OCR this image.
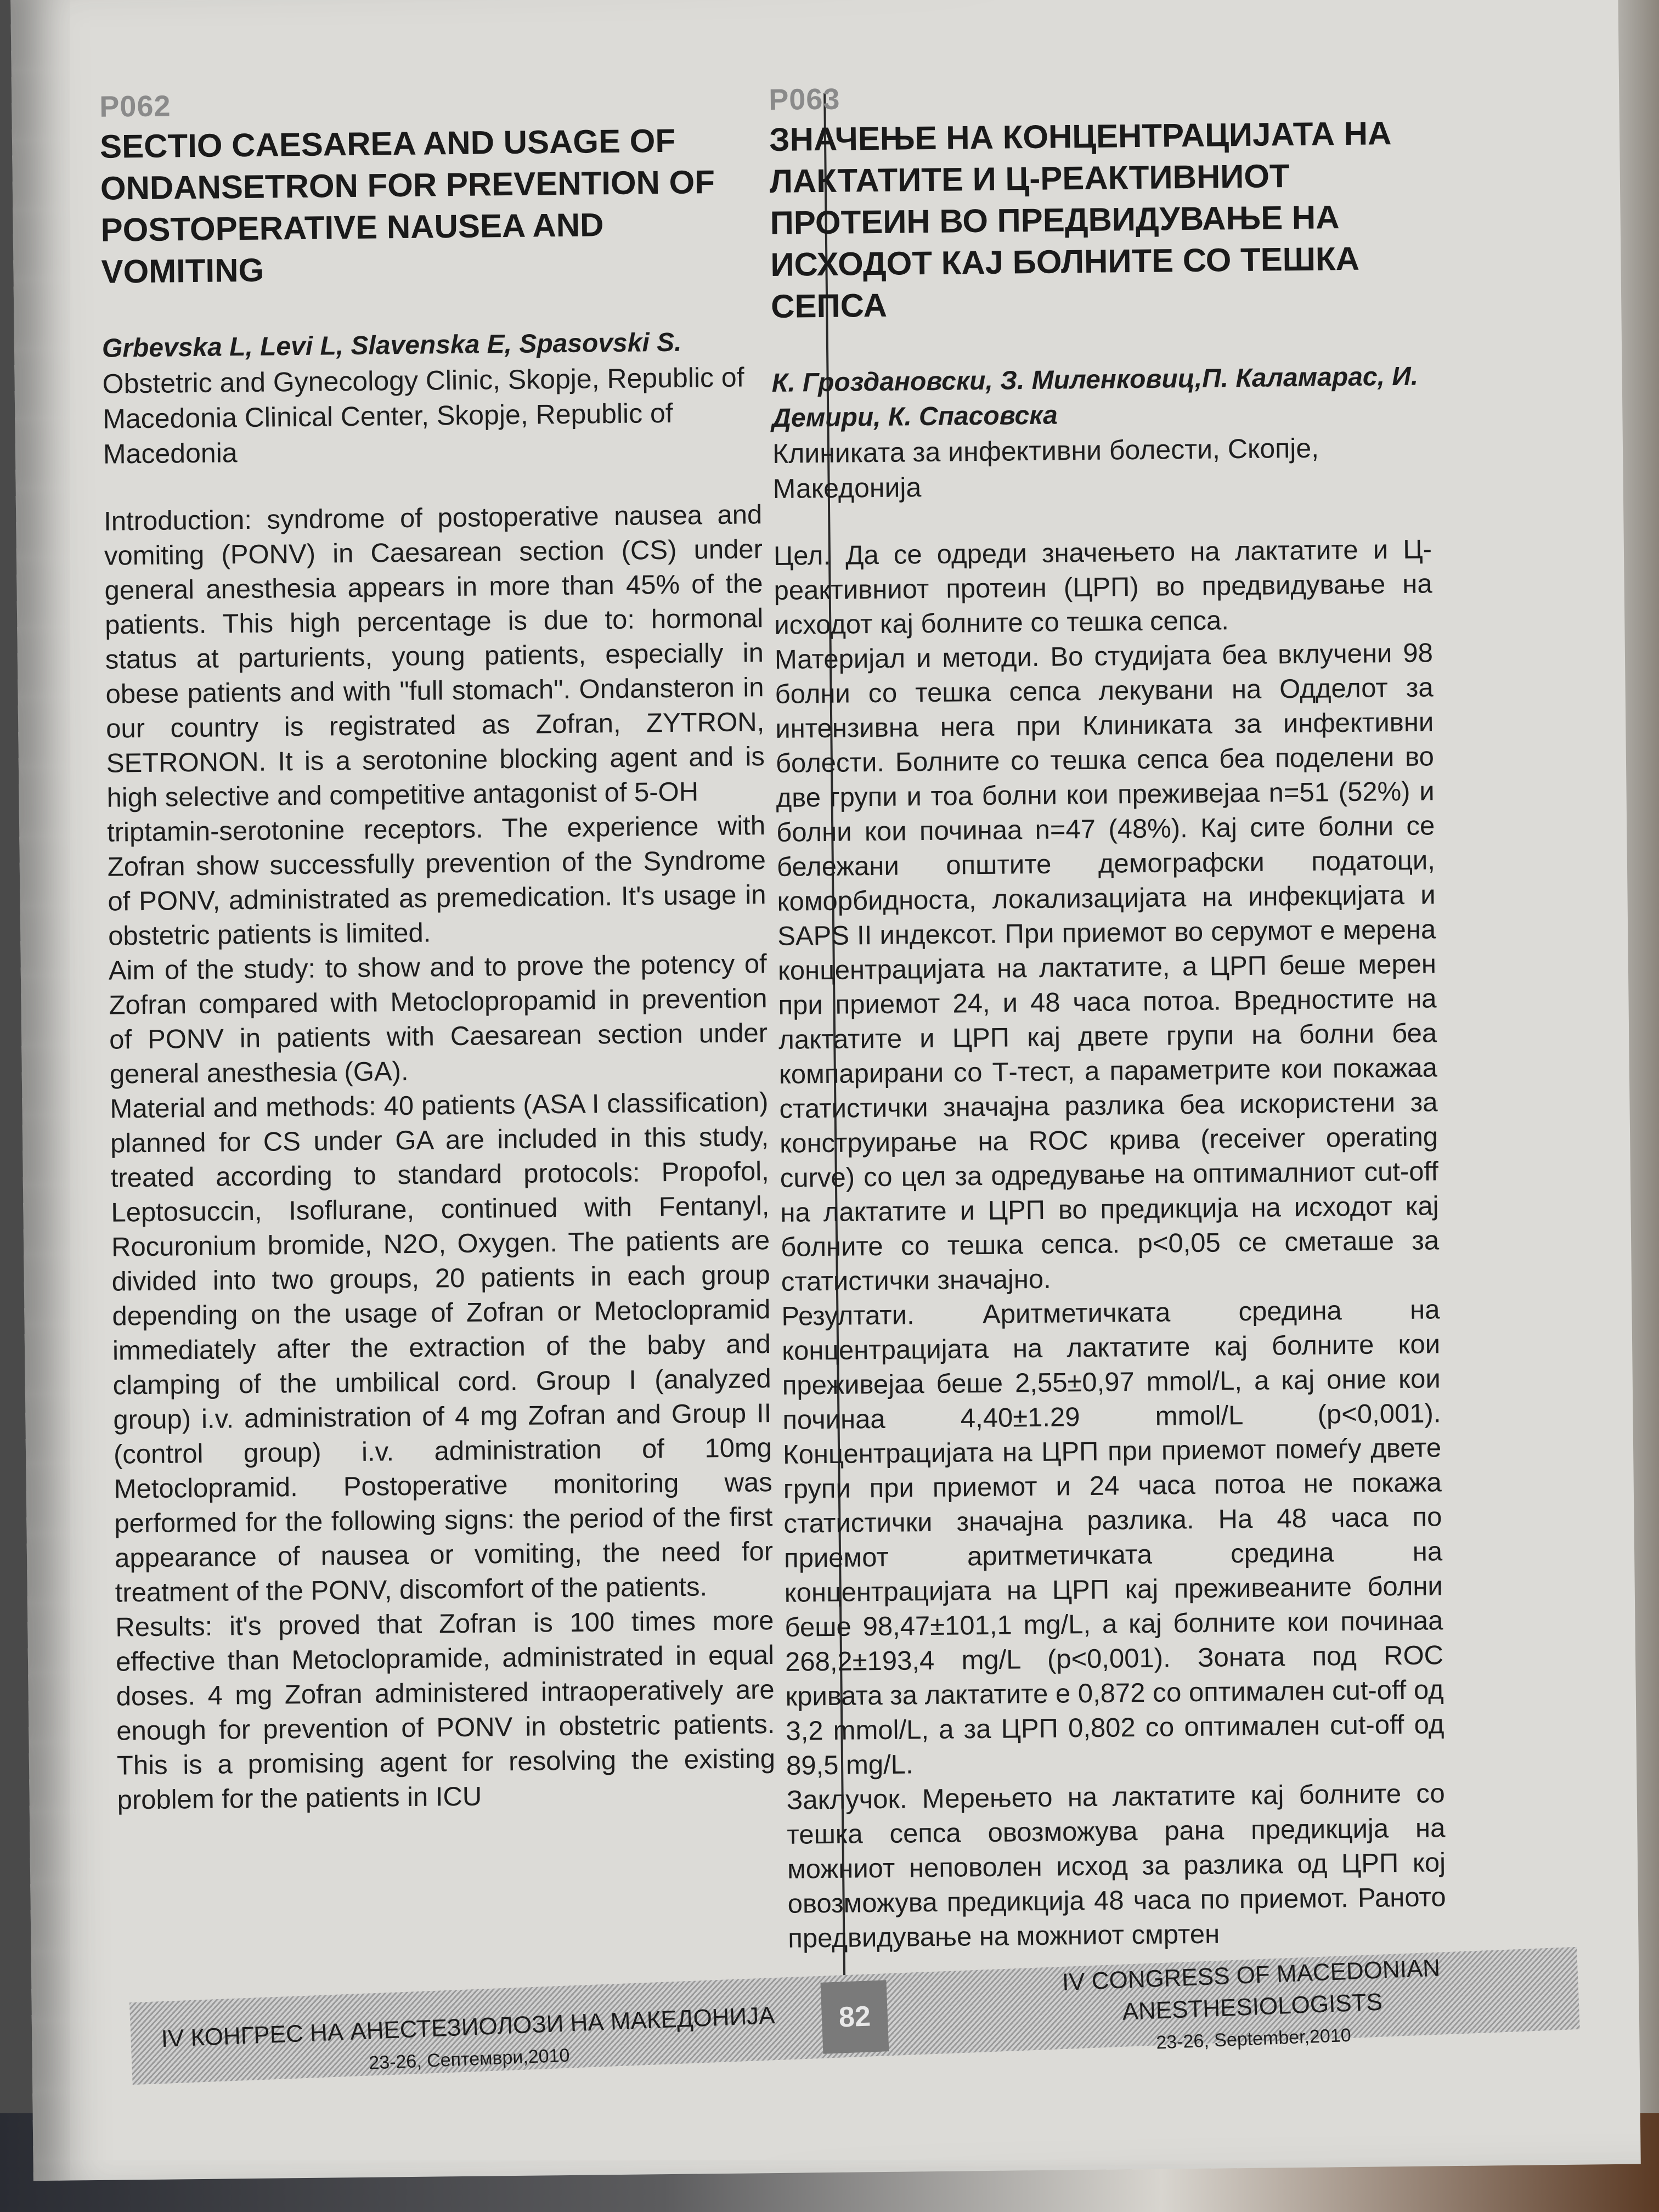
P062
SECTIO CAESAREA AND USAGE OF ONDANSETRON FOR PREVENTION OF POSTOPERATIVE NAUSEA AND VOMITING

Grbevska L, Levi L, Slavenska E, Spasovski S.

Obstetric and Gynecology Clinic, Skopje, Republic of Macedonia Clinical Center, Skopje, Republic of Macedonia

Introduction: syndrome of postoperative nausea and vomiting (PONV) in Caesarean section (CS) under general anesthesia appears in more than 45% of the patients. This high percentage is due to: hormonal status at parturients, young patients, especially in obese patients and with "full stomach". Ondansteron in our country is registrated as Zofran, ZYTRON, SETRONON. It is a serotonine blocking agent and is high selective and competitive antagonist of 5-OH

triptamin-serotonine receptors. The experience with Zofran show successfully prevention of the Syndrome of PONV, administrated as premedication. It's usage in obstetric patients is limited.

Aim of the study: to show and to prove the potency of Zofran compared with Metoclopropamid in prevention of PONV in patients with Caesarean section under general anesthesia (GA).

Material and methods: 40 patients (ASA I classification) planned for CS under GA are included in this study, treated according to standard protocols: Propofol, Leptosuccin, Isoflurane, continued with Fentanyl, Rocuronium bromide, N2O, Oxygen. The patients are divided into two groups, 20 patients in each group depending on the usage of Zofran or Metoclopramid immediately after the extraction of the baby and clamping of the umbilical cord. Group I (analyzed group) i.v. administration of 4 mg Zofran and Group II (control group) i.v. administration of 10mg Metoclopramid. Postoperative monitoring was performed for the following signs: the period of the first appearance of nausea or vomiting, the need for treatment of the PONV, discomfort of the patients.

Results: it's proved that Zofran is 100 times more effective than Metoclopramide, administrated in equal doses. 4 mg Zofran administered intraoperatively are enough for prevention of PONV in obstetric patients. This is a promising agent for resolving the existing problem for the patients in ICU

P063
ЗНАЧЕЊЕ НА КОНЦЕНТРАЦИЈАТА НА ЛАКТАТИТЕ И Ц-РЕАКТИВНИОТ ПРОТЕИН ВО ПРЕДВИДУВАЊЕ НА ИСХОДОТ КАЈ БОЛНИТЕ СО ТЕШКА СЕПСА

К. Гроздановски, З. Миленковиц,П. Каламарас, И. Демири, К. Спасовска

Клиниката за инфективни болести, Скопје, Македонија

Цел. Да се одреди значењето на лактатите и Ц-реактивниот протеин (ЦРП) во предвидување на исходот кај болните со тешка сепса.

Материјал и методи. Во студијата беа вклучени 98 болни со тешка сепса лекувани на Одделот за интензивна нега при Клиниката за инфективни болести. Болните со тешка сепса беа поделени во две групи и тоа болни кои преживејаа n=51 (52%) и болни кои починаа n=47 (48%). Кај сите болни се бележани општите демографски податоци, коморбидноста, локализацијата на инфекцијата и SAPS II индексот. При приемот во серумот е мерена концентрацијата на лактатите, а ЦРП беше мерен при приемот 24, и 48 часа потоа. Вредностите на лактатите и ЦРП кај двете групи на болни беа компарирани со Т-тест, а параметрите кои покажаа статистички значајна разлика беа искористени за конструирање на ROC крива (receiver operating curve) со цел за одредување на оптималниот cut-off на лактатите и ЦРП во предикција на исходот кај болните со тешка сепса. p<0,05 се сметаше за статистички значајно.

Резултати. Аритметичката средина на концентрацијата на лактатите кај болните кои преживејаа беше 2,55±0,97 mmol/L, а кај оние кои починаа 4,40±1.29 mmol/L (p<0,001). Концентрацијата на ЦРП при приемот помеѓу двете групи при приемот и 24 часа потоа не покажа статистички значајна разлика. На 48 часа по приемот аритметичката средина на концентрацијата на ЦРП кај преживеаните болни беше 98,47±101,1 mg/L, а кај болните кои починаа 268,2±193,4 mg/L (p<0,001). Зоната под ROC кривата за лактатите е 0,872 со оптимален cut-off од 3,2 mmol/L, а за ЦРП 0,802 со оптимален cut-off од 89,5 mg/L.

Заклучок. Мерењето на лактатите кај болните со тешка сепса овозможува рана предикција на можниот неповолен исход за разлика од ЦРП кој овозможува предикција 48 часа по приемот. Раното предвидување на можниот смртен

IV КОНГРЕС НА АНЕСТЕЗИОЛОЗИ НА МАКЕДОНИЈА
23-26, Септември,2010
82
IV CONGRESS OF MACEDONIAN ANESTHESIOLOGISTS
23-26, September,2010
